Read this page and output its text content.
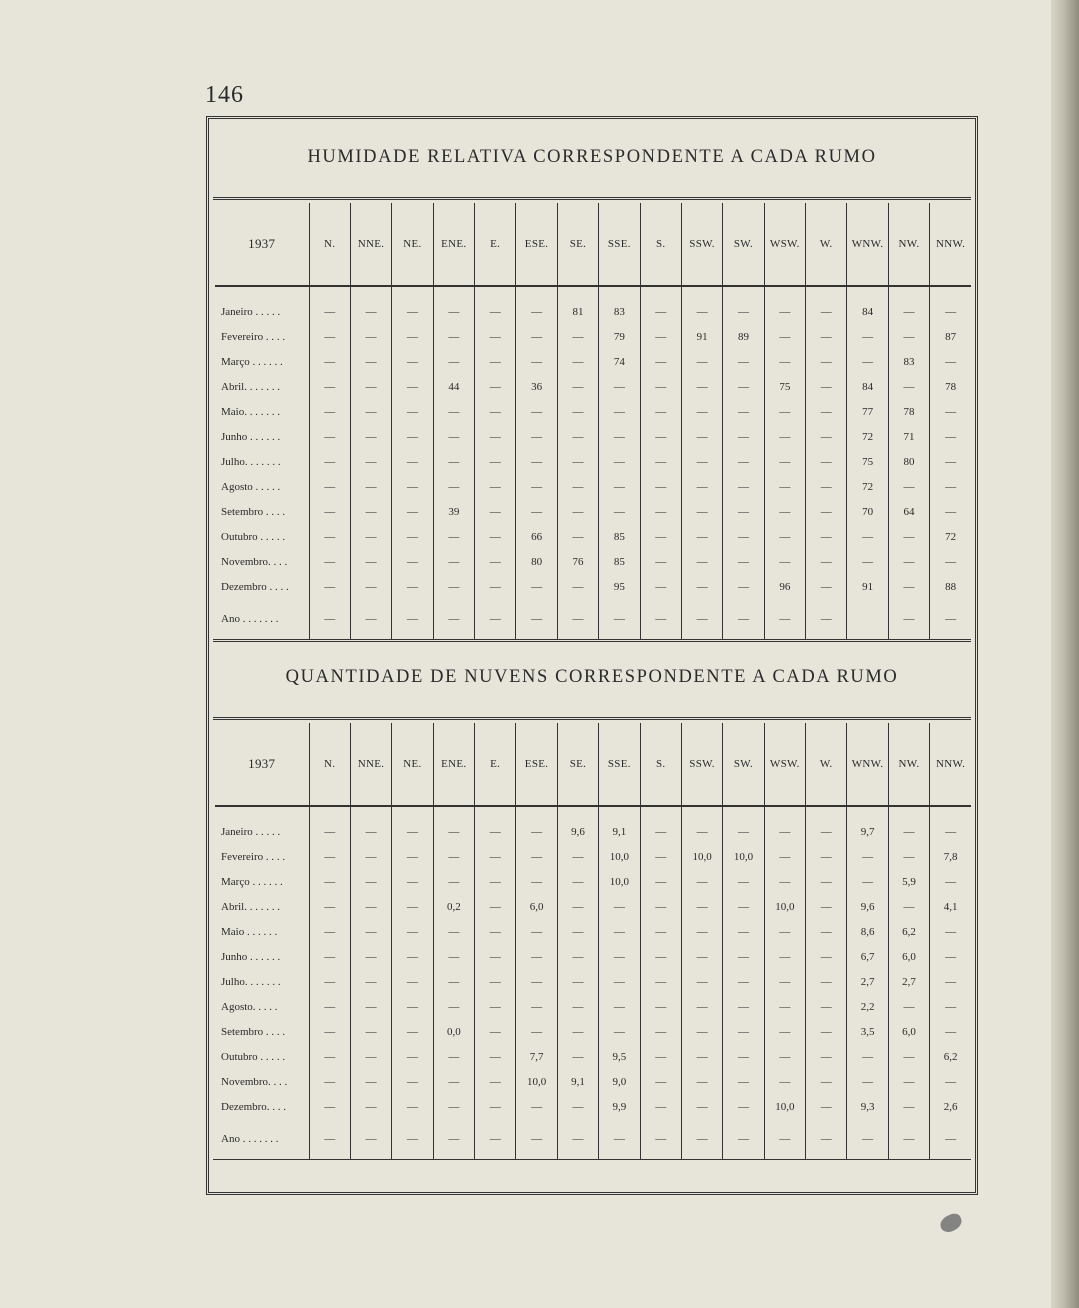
146
HUMIDADE RELATIVA CORRESPONDENTE A CADA RUMO
1937	N.	NNE.	NE.	ENE.	E.	ESE.	SE.	SSE.	S.	SSW.	SW.	WSW.	W.	WNW.	NW.	NNW.

Janeiro . . . . .	—	—	—	—	—	—	81	83	—	—	—	—	—	84	—	—
Fevereiro . . . .	—	—	—	—	—	—	—	79	—	91	89	—	—	—	—	87
Março . . . . . .	—	—	—	—	—	—	—	74	—	—	—	—	—	—	83	—
Abril. . . . . . .	—	—	—	44	—	36	—	—	—	—	—	75	—	84	—	78
Maio. . . . . . .	—	—	—	—	—	—	—	—	—	—	—	—	—	77	78	—
Junho . . . . . .	—	—	—	—	—	—	—	—	—	—	—	—	—	72	71	—
Julho. . . . . . .	—	—	—	—	—	—	—	—	—	—	—	—	—	75	80	—
Agosto . . . . .	—	—	—	—	—	—	—	—	—	—	—	—	—	72	—	—
Setembro . . . .	—	—	—	39	—	—	—	—	—	—	—	—	—	70	64	—
Outubro . . . . .	—	—	—	—	—	66	—	85	—	—	—	—	—	—	—	72
Novembro. . . .	—	—	—	—	—	80	76	85	—	—	—	—	—	—	—	—
Dezembro . . . .	—	—	—	—	—	—	—	95	—	—	—	96	—	91	—	88
Ano . . . . . . .	—	—	—	—	—	—	—	—	—	—	—	—	—		—	—
QUANTIDADE DE NUVENS CORRESPONDENTE A CADA RUMO
1937	N.	NNE.	NE.	ENE.	E.	ESE.	SE.	SSE.	S.	SSW.	SW.	WSW.	W.	WNW.	NW.	NNW.

Janeiro . . . . .	—	—	—	—	—	—	9,6	9,1	—	—	—	—	—	9,7	—	—
Fevereiro . . . .	—	—	—	—	—	—	—	10,0	—	10,0	10,0	—	—	—	—	7,8
Março . . . . . .	—	—	—	—	—	—	—	10,0	—	—	—	—	—	—	5,9	—
Abril. . . . . . .	—	—	—	0,2	—	6,0	—	—	—	—	—	10,0	—	9,6	—	4,1
Maio . . . . . .	—	—	—	—	—	—	—	—	—	—	—	—	—	8,6	6,2	—
Junho . . . . . .	—	—	—	—	—	—	—	—	—	—	—	—	—	6,7	6,0	—
Julho. . . . . . .	—	—	—	—	—	—	—	—	—	—	—	—	—	2,7	2,7	—
Agosto. . . . .	—	—	—	—	—	—	—	—	—	—	—	—	—	2,2	—	—
Setembro . . . .	—	—	—	0,0	—	—	—	—	—	—	—	—	—	3,5	6,0	—
Outubro . . . . .	—	—	—	—	—	7,7	—	9,5	—	—	—	—	—	—	—	6,2
Novembro. . . .	—	—	—	—	—	10,0	9,1	9,0	—	—	—	—	—	—	—	—
Dezembro. . . .	—	—	—	—	—	—	—	9,9	—	—	—	10,0	—	9,3	—	2,6
Ano . . . . . . .	—	—	—	—	—	—	—	—	—	—	—	—	—	—	—	—
